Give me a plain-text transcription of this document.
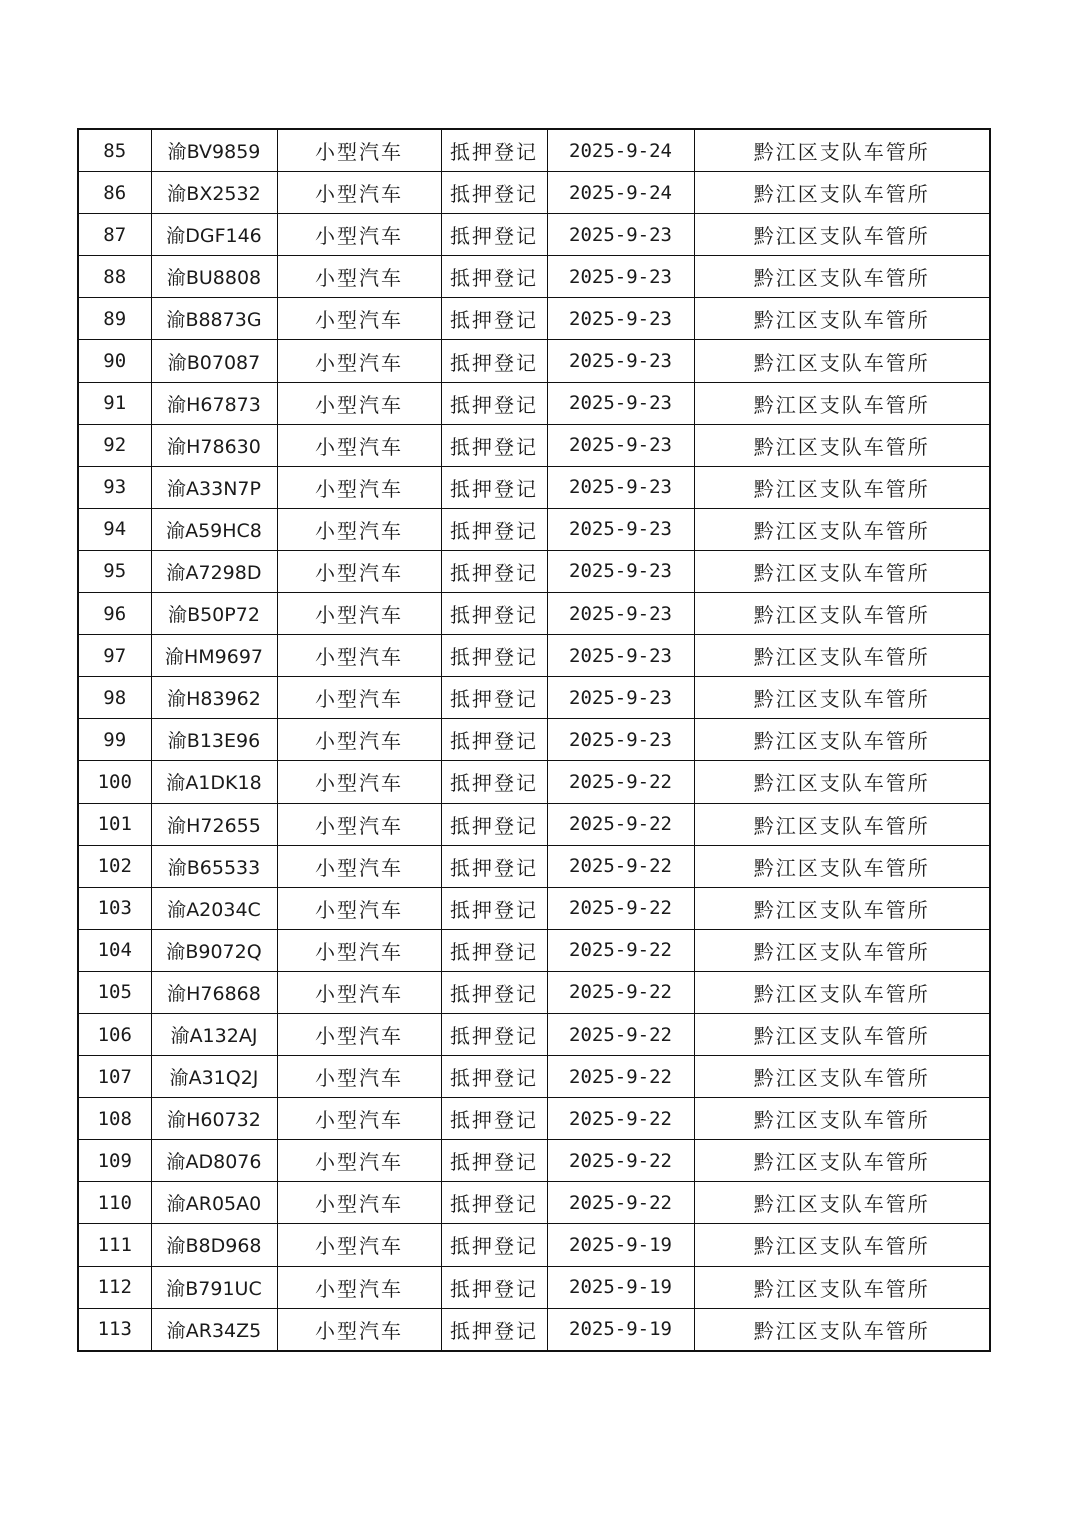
85	渝BV9859	小型汽车	抵押登记	2025-9-24	黔江区支队车管所
86	渝BX2532	小型汽车	抵押登记	2025-9-24	黔江区支队车管所
87	渝DGF146	小型汽车	抵押登记	2025-9-23	黔江区支队车管所
88	渝BU8808	小型汽车	抵押登记	2025-9-23	黔江区支队车管所
89	渝B8873G	小型汽车	抵押登记	2025-9-23	黔江区支队车管所
90	渝B07087	小型汽车	抵押登记	2025-9-23	黔江区支队车管所
91	渝H67873	小型汽车	抵押登记	2025-9-23	黔江区支队车管所
92	渝H78630	小型汽车	抵押登记	2025-9-23	黔江区支队车管所
93	渝A33N7P	小型汽车	抵押登记	2025-9-23	黔江区支队车管所
94	渝A59HC8	小型汽车	抵押登记	2025-9-23	黔江区支队车管所
95	渝A7298D	小型汽车	抵押登记	2025-9-23	黔江区支队车管所
96	渝B50P72	小型汽车	抵押登记	2025-9-23	黔江区支队车管所
97	渝HM9697	小型汽车	抵押登记	2025-9-23	黔江区支队车管所
98	渝H83962	小型汽车	抵押登记	2025-9-23	黔江区支队车管所
99	渝B13E96	小型汽车	抵押登记	2025-9-23	黔江区支队车管所
100	渝A1DK18	小型汽车	抵押登记	2025-9-22	黔江区支队车管所
101	渝H72655	小型汽车	抵押登记	2025-9-22	黔江区支队车管所
102	渝B65533	小型汽车	抵押登记	2025-9-22	黔江区支队车管所
103	渝A2034C	小型汽车	抵押登记	2025-9-22	黔江区支队车管所
104	渝B9072Q	小型汽车	抵押登记	2025-9-22	黔江区支队车管所
105	渝H76868	小型汽车	抵押登记	2025-9-22	黔江区支队车管所
106	渝A132AJ	小型汽车	抵押登记	2025-9-22	黔江区支队车管所
107	渝A31Q2J	小型汽车	抵押登记	2025-9-22	黔江区支队车管所
108	渝H60732	小型汽车	抵押登记	2025-9-22	黔江区支队车管所
109	渝AD8076	小型汽车	抵押登记	2025-9-22	黔江区支队车管所
110	渝AR05A0	小型汽车	抵押登记	2025-9-22	黔江区支队车管所
111	渝B8D968	小型汽车	抵押登记	2025-9-19	黔江区支队车管所
112	渝B791UC	小型汽车	抵押登记	2025-9-19	黔江区支队车管所
113	渝AR34Z5	小型汽车	抵押登记	2025-9-19	黔江区支队车管所
